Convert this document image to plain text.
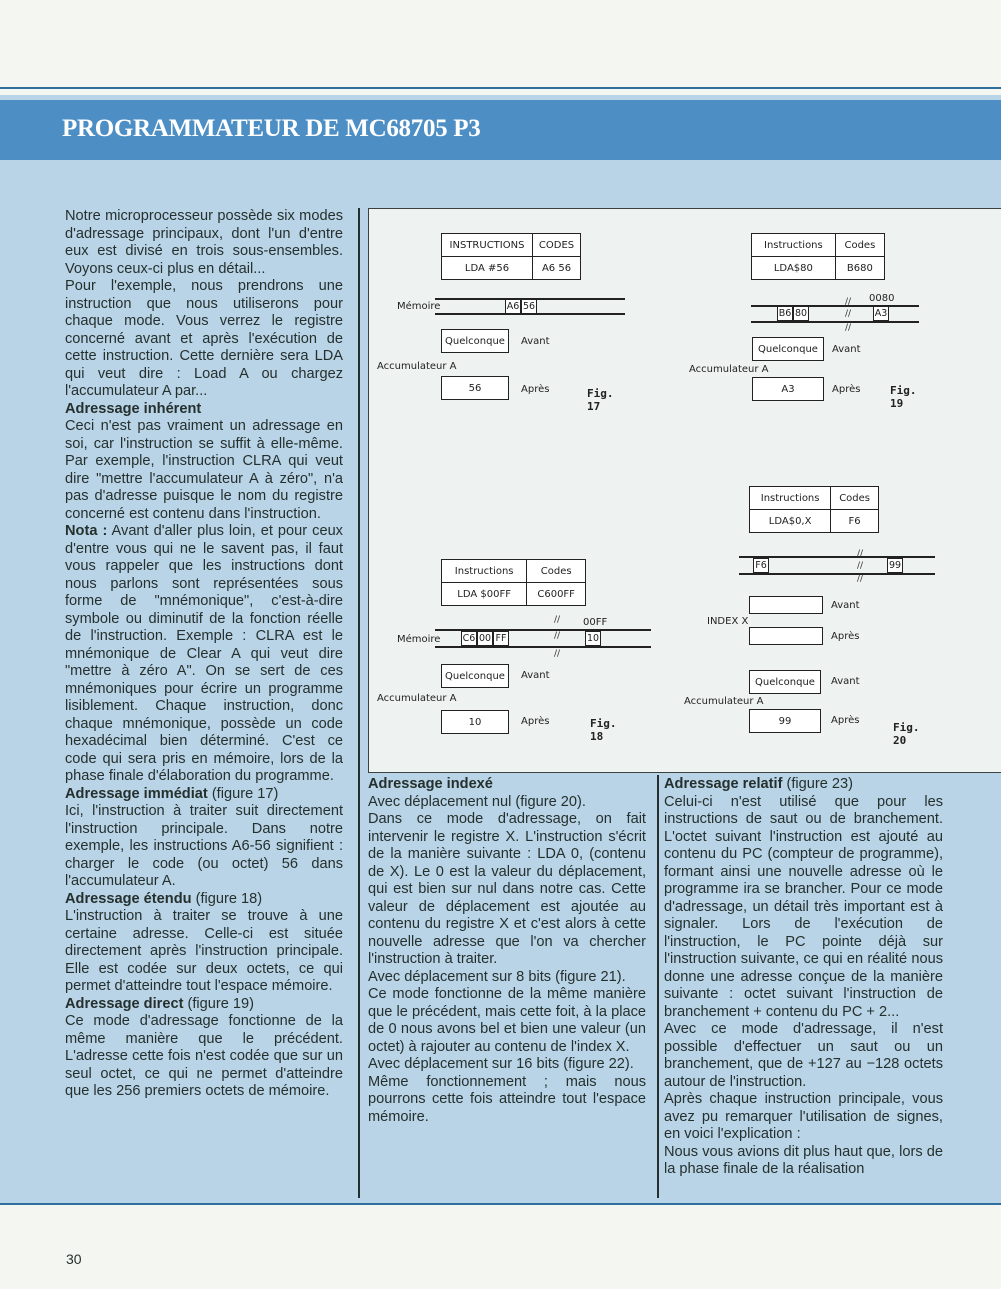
PROGRAMMATEUR DE MC68705 P3

Notre microprocesseur possède six modes d'adressage principaux, dont l'un d'entre eux est divisé en trois sous-ensembles. Voyons ceux-ci plus en détail...

Pour l'exemple, nous prendrons une instruction que nous utiliserons pour chaque mode. Vous verrez le registre concerné avant et après l'exécution de cette instruction. Cette dernière sera LDA qui veut dire : Load A ou chargez l'accumulateur A par...

Adressage inhérent

Ceci n'est pas vraiment un adressage en soi, car l'instruction se suffit à elle-même. Par exemple, l'instruction CLRA qui veut dire "mettre l'accumulateur A à zéro", n'a pas d'adresse puisque le nom du registre concerné est contenu dans l'instruction.

Nota : Avant d'aller plus loin, et pour ceux d'entre vous qui ne le savent pas, il faut vous rappeler que les instructions dont nous parlons sont représentées sous forme de "mnémonique", c'est-à-dire symbole ou diminutif de la fonction réelle de l'instruction. Exemple : CLRA est le mnémonique de Clear A qui veut dire "mettre à zéro A". On se sert de ces mnémoniques pour écrire un programme lisiblement. Chaque instruction, donc chaque mnémonique, possède un code hexadécimal bien déterminé. C'est ce code qui sera pris en mémoire, lors de la phase finale d'élaboration du programme.

Adressage immédiat (figure 17)

Ici, l'instruction à traiter suit directement l'instruction principale. Dans notre exemple, les instructions A6-56 signifient : charger le code (ou octet) 56 dans l'accumulateur A.

Adressage étendu (figure 18)

L'instruction à traiter se trouve à une certaine adresse. Celle-ci est située directement après l'instruction principale. Elle est codée sur deux octets, ce qui permet d'atteindre tout l'espace mémoire.

Adressage direct (figure 19)

Ce mode d'adressage fonctionne de la même manière que le précédent. L'adresse cette fois n'est codée que sur un seul octet, ce qui ne permet d'atteindre que les 256 premiers octets de mémoire.

INSTRUCTIONS	CODES
LDA #56	A6 56
Mémoire	A6 56
Quelconque	Avant
Accumulateur A
56	Après	Fig. 17
Instructions	Codes
LDA $00FF	C600FF
Mémoire C6 00 FF
//
//
//
00FF
10
Quelconque	Avant
Accumulateur A
10	Après	Fig. 18
Instructions	Codes
LDA$80	B680
0080
B6 80
//
//
//
A3
Quelconque	Avant
Accumulateur A
A3	Après	Fig. 19
Instructions	Codes
LDA$0,X	F6
F6
//
//
//
99
Avant
INDEX X
Après
Quelconque	Avant
Accumulateur A
99	Après
Fig. 20

Adressage indexé

Avec déplacement nul (figure 20).

Dans ce mode d'adressage, on fait intervenir le registre X. L'instruction s'écrit de la manière suivante : LDA 0, (contenu de X). Le 0 est la valeur du déplacement, qui est bien sur nul dans notre cas. Cette valeur de déplacement est ajoutée au contenu du registre X et c'est alors à cette nouvelle adresse que l'on va chercher l'instruction à traiter.

Avec déplacement sur 8 bits (figure 21).

Ce mode fonctionne de la même manière que le précédent, mais cette foit, à la place de 0 nous avons bel et bien une valeur (un octet) à rajouter au contenu de l'index X.

Avec déplacement sur 16 bits (figure 22).

Même fonctionnement ; mais nous pourrons cette fois atteindre tout l'espace mémoire.

Adressage relatif (figure 23)

Celui-ci n'est utilisé que pour les instructions de saut ou de branchement. L'octet suivant l'instruction est ajouté au contenu du PC (compteur de programme), formant ainsi une nouvelle adresse où le programme ira se brancher. Pour ce mode d'adressage, un détail très important est à signaler. Lors de l'exécution de l'instruction, le PC pointe déjà sur l'instruction suivante, ce qui en réalité nous donne une adresse conçue de la manière suivante : octet suivant l'instruction de branchement + contenu du PC + 2...

Avec ce mode d'adressage, il n'est possible d'effectuer un saut ou un branchement, que de +127 au −128 octets autour de l'instruction.

Après chaque instruction principale, vous avez pu remarquer l'utilisation de signes, en voici l'explication :

Nous vous avions dit plus haut que, lors de la phase finale de la réalisation

30
